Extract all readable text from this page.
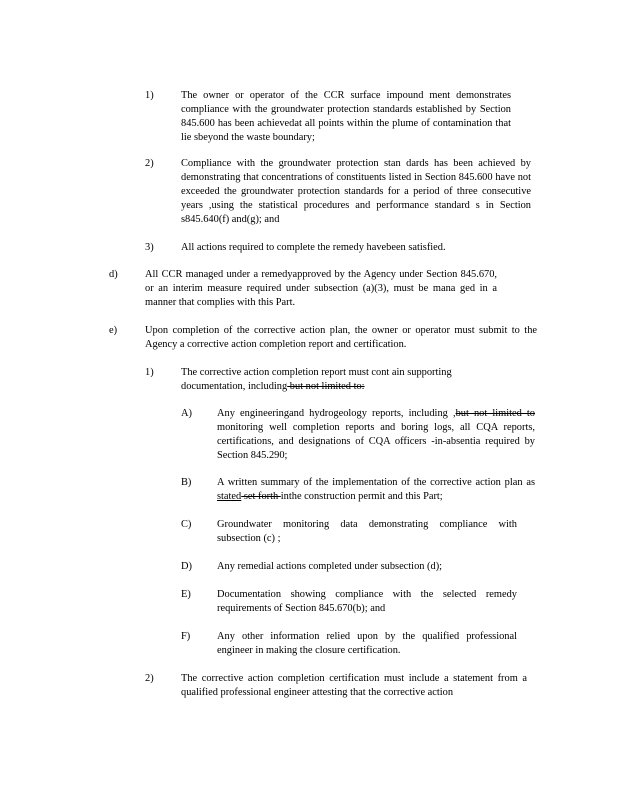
1)	The owner or operator of the CCR surface impound ment demonstrates compliance with the groundwater protection standards established by Section 845.600 has been achievedat all points within the plume of contamination that lie sbeyond the waste boundary;
2)	Compliance with the groundwater protection stan dards has been achieved by demonstrating that concentrations of constituents listed in Section 845.600 have not exceeded the groundwater protection standards for a period of three consecutive years ,using the statistical procedures and performance standard s in Section s845.640(f) and(g); and
3)	All actions required to complete the remedy havebeen satisfied.
d)	All CCR managed under a remedyapproved by the Agency under Section 845.670, or an interim measure required under subsection (a)(3), must be mana ged in a manner that complies with this Part.
e)	Upon completion of the corrective action plan, the owner or operator must submit to the Agency a corrective action completion report and certification.
1)	The corrective action completion report must cont ain supporting documentation, including but not limited to:
A) Any engineeringand hydrogeology reports, including ,but not limited to monitoring well completion reports and boring logs, all CQA reports, certifications, and designations of CQA officers -in-absentia required by Section 845.290;
B) A written summary of the implementation of the corrective action plan as stated set forth inthe construction permit and this Part;
C) Groundwater monitoring data demonstrating compliance with subsection (c) ;
D) Any remedial actions completed under subsection (d);
E)	Documentation showing compliance with the selected remedy requirements of Section 845.670(b); and
F)	Any other information relied upon by the qualified professional engineer in making the closure certification.
2)	The corrective action completion certification must include a statement from a qualified professional engineer attesting that the corrective action
